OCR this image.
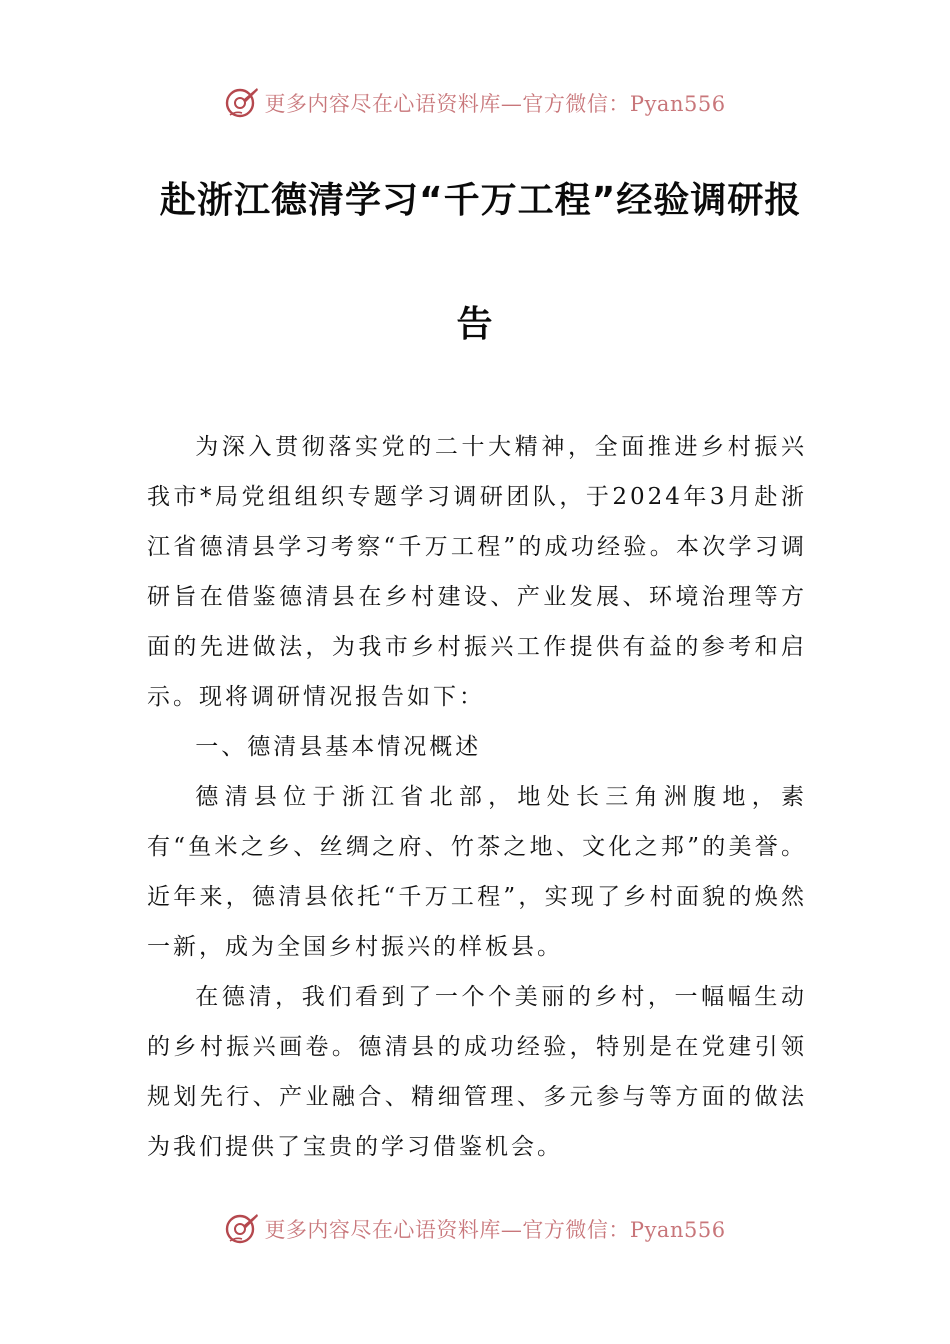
更多内容尽在心语资料库—官方微信：Pyan556
赴浙江德清学习“千万工程”经验调研报
告

为深入贯彻落实党的二十大精神，全面推进乡村振兴我市*局党组组织专题学习调研团队，于2024年3月赴浙江省德清县学习考察“千万工程”的成功经验。本次学习调研旨在借鉴德清县在乡村建设、产业发展、环境治理等方面的先进做法，为我市乡村振兴工作提供有益的参考和启示。现将调研情况报告如下：

一、德清县基本情况概述

德清县位于浙江省北部，地处长三角洲腹地，素有“鱼米之乡、丝绸之府、竹茶之地、文化之邦”的美誉。近年来，德清县依托“千万工程”，实现了乡村面貌的焕然一新，成为全国乡村振兴的样板县。

在德清，我们看到了一个个美丽的乡村，一幅幅生动的乡村振兴画卷。德清县的成功经验，特别是在党建引领规划先行、产业融合、精细管理、多元参与等方面的做法为我们提供了宝贵的学习借鉴机会。

更多内容尽在心语资料库—官方微信：Pyan556
